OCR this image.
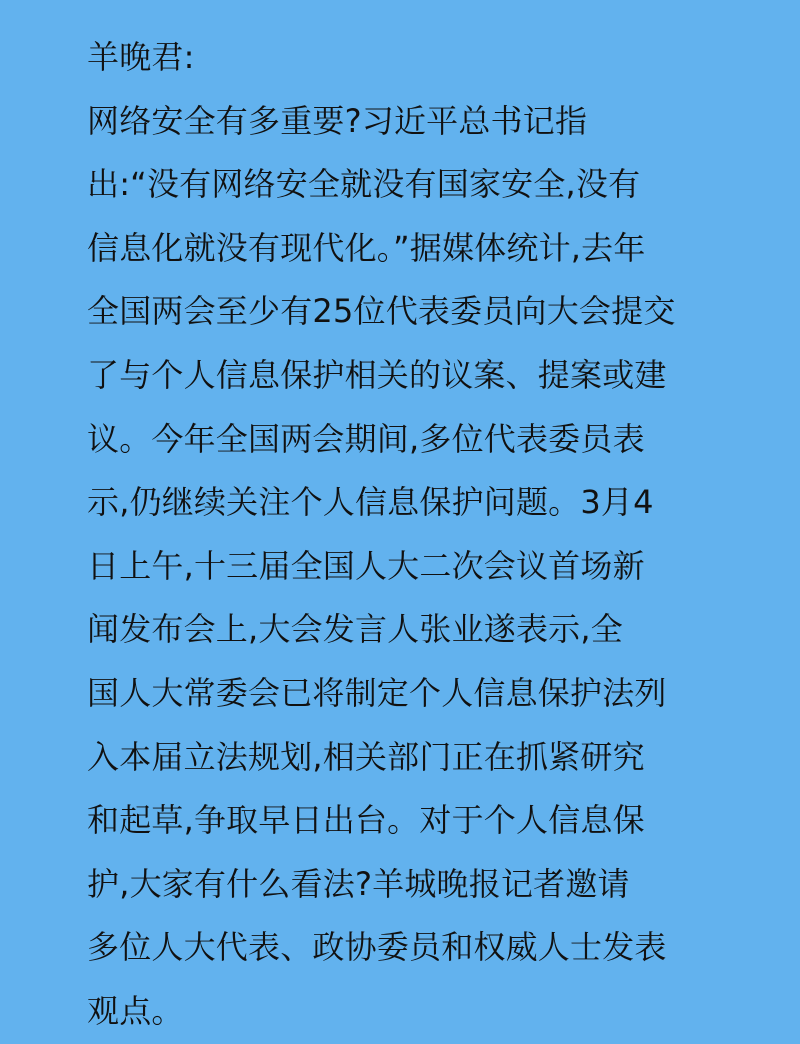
羊晚君:
网络安全有多重要?习近平总书记指
出:“没有网络安全就没有国家安全,没有
信息化就没有现代化。”据媒体统计,去年
全国两会至少有25位代表委员向大会提交
了与个人信息保护相关的议案、提案或建
议。今年全国两会期间,多位代表委员表
示,仍继续关注个人信息保护问题。3月4
日上午,十三届全国人大二次会议首场新
闻发布会上,大会发言人张业遂表示,全
国人大常委会已将制定个人信息保护法列
入本届立法规划,相关部门正在抓紧研究
和起草,争取早日出台。对于个人信息保
护,大家有什么看法?羊城晚报记者邀请
多位人大代表、政协委员和权威人士发表
观点。
